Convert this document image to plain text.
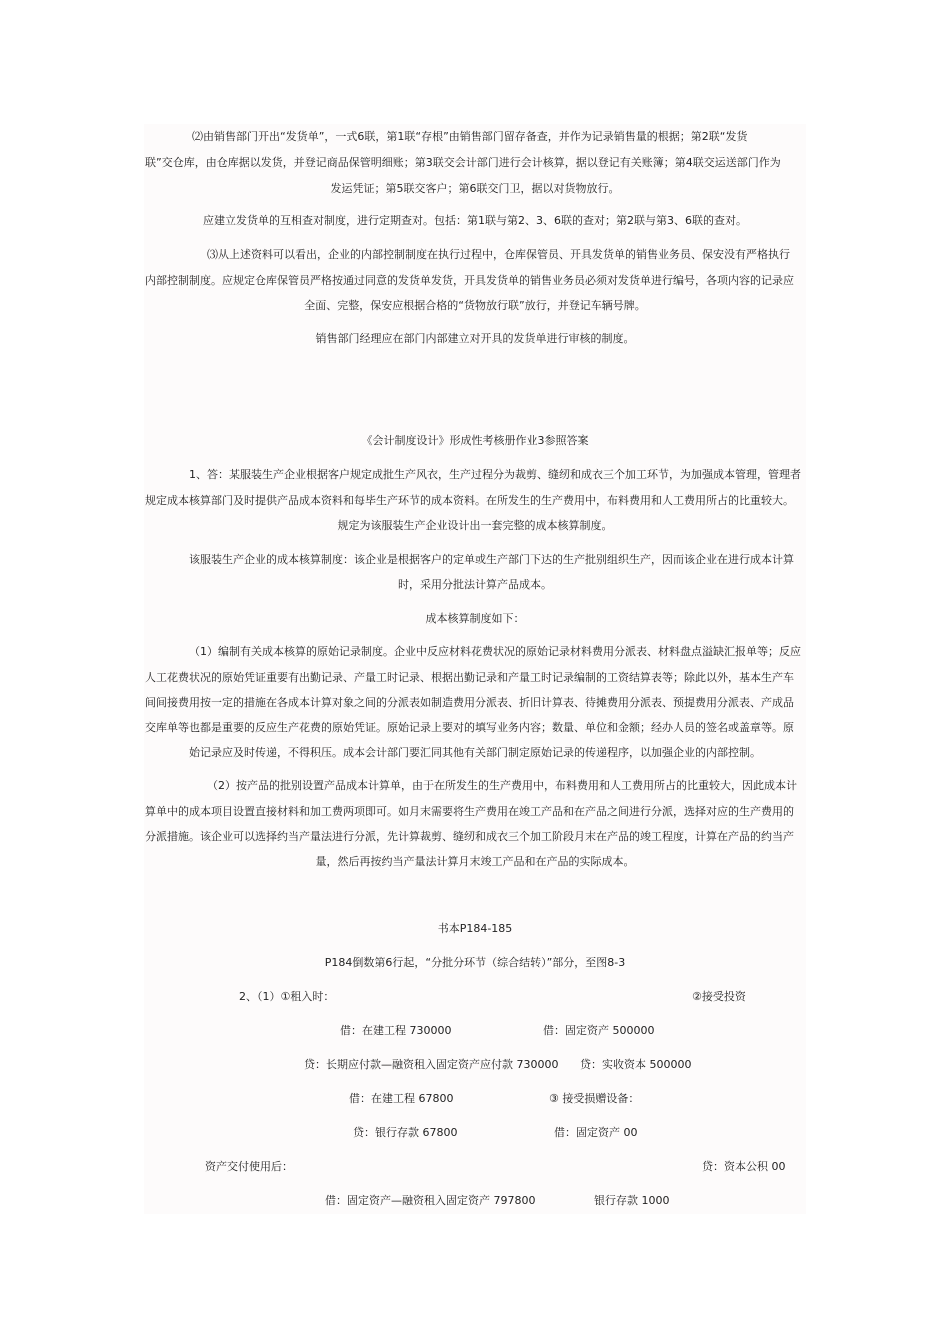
⑵由销售部门开出“发货单”，一式6联，第1联“存根”由销售部门留存备查，并作为记录销售量的根据；第2联“发货
联”交仓库，由仓库据以发货，并登记商品保管明细账；第3联交会计部门进行会计核算，据以登记有关账簿；第4联交运送部门作为
发运凭证；第5联交客户；第6联交门卫，据以对货物放行。
应建立发货单的互相查对制度，进行定期查对。包括：第1联与第2、3、6联的查对；第2联与第3、6联的查对。
⑶从上述资料可以看出，企业的内部控制制度在执行过程中，仓库保管员、开具发货单的销售业务员、保安没有严格执行
内部控制制度。应规定仓库保管员严格按通过同意的发货单发货，开具发货单的销售业务员必须对发货单进行编号，各项内容的记录应
全面、完整，保安应根据合格的“货物放行联”放行，并登记车辆号牌。
销售部门经理应在部门内部建立对开具的发货单进行审核的制度。
《会计制度设计》形成性考核册作业3参照答案
1、答：某服装生产企业根据客户规定成批生产风衣，生产过程分为裁剪、缝纫和成衣三个加工环节，为加强成本管理，管理者
规定成本核算部门及时提供产品成本资料和每毕生产环节的成本资料。在所发生的生产费用中，布料费用和人工费用所占的比重较大。
规定为该服装生产企业设计出一套完整的成本核算制度。
该服装生产企业的成本核算制度：该企业是根据客户的定单或生产部门下达的生产批别组织生产，因而该企业在进行成本计算
时，采用分批法计算产品成本。
成本核算制度如下：
（1）编制有关成本核算的原始记录制度。企业中反应材料花费状况的原始记录材料费用分派表、材料盘点溢缺汇报单等；反应
人工花费状况的原始凭证重要有出勤记录、产量工时记录、根据出勤记录和产量工时记录编制的工资结算表等；除此以外，基本生产车
间间接费用按一定的措施在各成本计算对象之间的分派表如制造费用分派表、折旧计算表、待摊费用分派表、预提费用分派表、产成品
交库单等也都是重要的反应生产花费的原始凭证。原始记录上要对的填写业务内容；数量、单位和金额；经办人员的签名或盖章等。原
始记录应及时传递，不得积压。成本会计部门要汇同其他有关部门制定原始记录的传递程序，以加强企业的内部控制。
（2）按产品的批别设置产品成本计算单，由于在所发生的生产费用中，布料费用和人工费用所占的比重较大，因此成本计
算单中的成本项目设置直接材料和加工费两项即可。如月末需要将生产费用在竣工产品和在产品之间进行分派，选择对应的生产费用的
分派措施。该企业可以选择约当产量法进行分派，先计算裁剪、缝纫和成衣三个加工阶段月末在产品的竣工程度，计算在产品的约当产
量，然后再按约当产量法计算月末竣工产品和在产品的实际成本。
书本P184-185
P184倒数第6行起，“分批分环节（综合结转）”部分，至图8-3
2、（1）①租入时：	②接受投资
借：在建工程 730000	借：固定资产 500000
贷：长期应付款—融资租入固定资产应付款 730000 贷：实收资本 500000
借：在建工程 67800	③ 接受损赠设备：
贷：银行存款 67800	借：固定资产 00
资产交付使用后：	贷：资本公积 00
借：固定资产—融资租入固定资产 797800	银行存款 1000
